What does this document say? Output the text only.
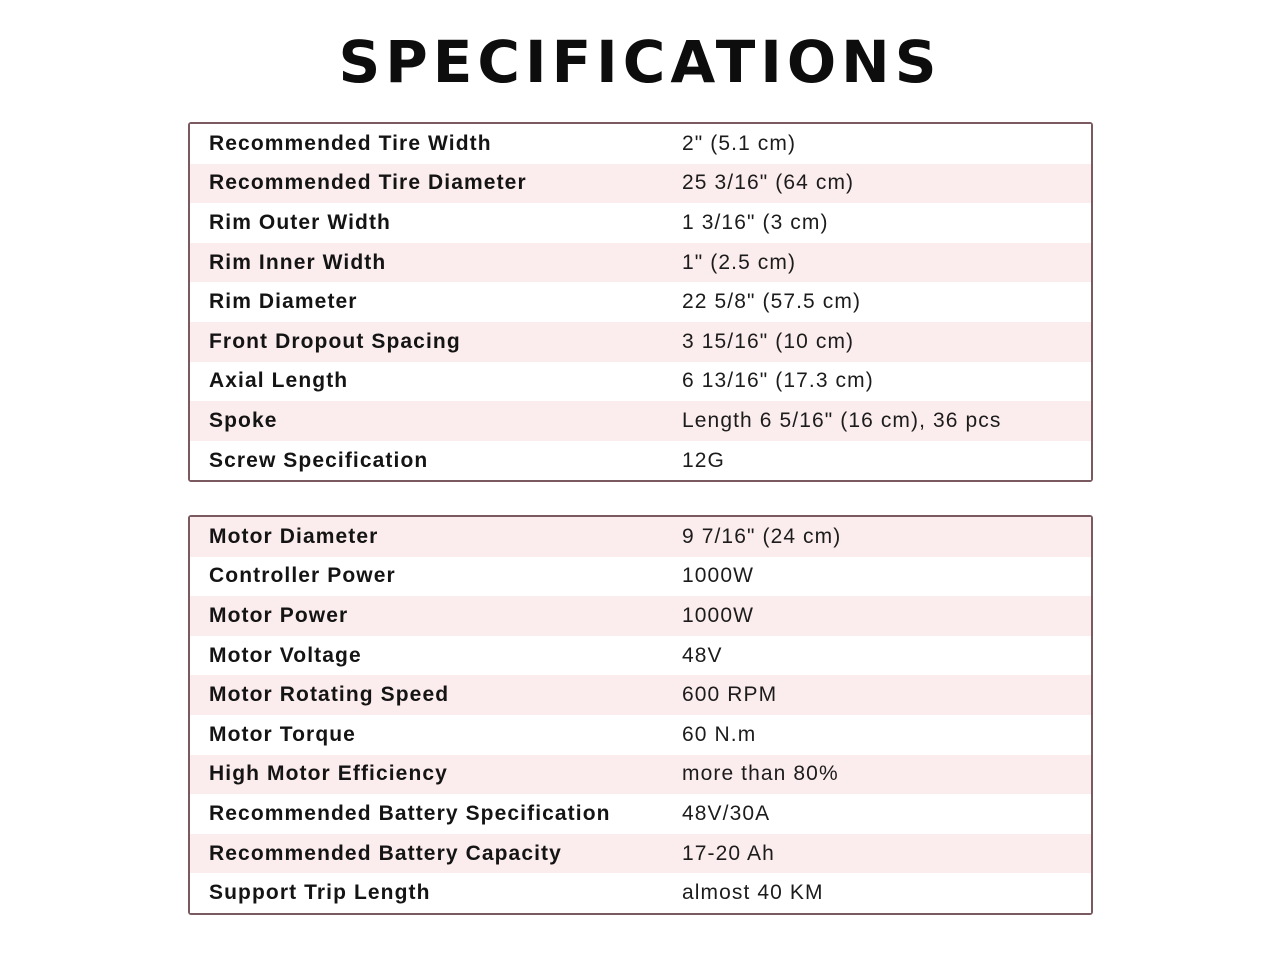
SPECIFICATIONS
Recommended Tire Width	2" (5.1 cm)
Recommended Tire Diameter	25 3/16" (64 cm)
Rim Outer Width	1 3/16" (3 cm)
Rim Inner Width	1" (2.5 cm)
Rim Diameter	22 5/8" (57.5 cm)
Front Dropout Spacing	3 15/16" (10 cm)
Axial Length	6 13/16" (17.3 cm)
Spoke	Length 6 5/16" (16 cm), 36 pcs
Screw Specification	12G
Motor Diameter	9 7/16" (24 cm)
Controller Power	1000W
Motor Power	1000W
Motor Voltage	48V
Motor Rotating Speed	600 RPM
Motor Torque	60 N.m
High Motor Efficiency	more than 80%
Recommended Battery Specification	48V/30A
Recommended Battery Capacity	17-20 Ah
Support Trip Length	almost 40 KM
